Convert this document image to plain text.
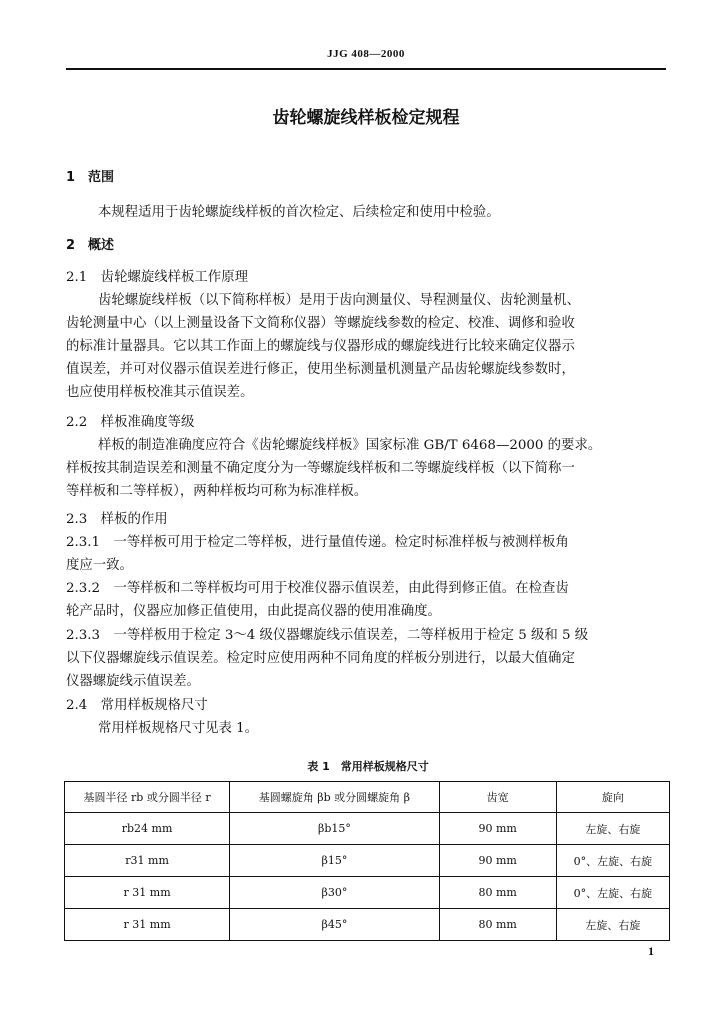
JJG 408—2000
齿轮螺旋线样板检定规程
1　范围
本规程适用于齿轮螺旋线样板的首次检定、后续检定和使用中检验。
2　概述
2.1　齿轮螺旋线样板工作原理
齿轮螺旋线样板（以下简称样板）是用于齿向测量仪、导程测量仪、齿轮测量机、
齿轮测量中心（以上测量设备下文简称仪器）等螺旋线参数的检定、校准、调修和验收
的标准计量器具。它以其工作面上的螺旋线与仪器形成的螺旋线进行比较来确定仪器示
值误差，并可对仪器示值误差进行修正，使用坐标测量机测量产品齿轮螺旋线参数时，
也应使用样板校准其示值误差。
2.2　样板准确度等级
样板的制造准确度应符合《齿轮螺旋线样板》国家标准 GB/T 6468—2000 的要求。
样板按其制造误差和测量不确定度分为一等螺旋线样板和二等螺旋线样板（以下简称一
等样板和二等样板），两种样板均可称为标准样板。
2.3　样板的作用
2.3.1　一等样板可用于检定二等样板，进行量值传递。检定时标准样板与被测样板角
度应一致。
2.3.2　一等样板和二等样板均可用于校准仪器示值误差，由此得到修正值。在检查齿
轮产品时，仪器应加修正值使用，由此提高仪器的使用准确度。
2.3.3　一等样板用于检定 3～4 级仪器螺旋线示值误差，二等样板用于检定 5 级和 5 级
以下仪器螺旋线示值误差。检定时应使用两种不同角度的样板分别进行，以最大值确定
仪器螺旋线示值误差。
2.4　常用样板规格尺寸
常用样板规格尺寸见表 1。
表 1　常用样板规格尺寸
基圆半径 rb 或分圆半径 r	基圆螺旋角 βb 或分圆螺旋角 β	齿宽	旋向
rb24 mm	βb15°	90 mm	左旋、右旋
r31 mm	β15°	90 mm	0°、左旋、右旋
r 31 mm	β30°	80 mm	0°、左旋、右旋
r 31 mm	β45°	80 mm	左旋、右旋
1
